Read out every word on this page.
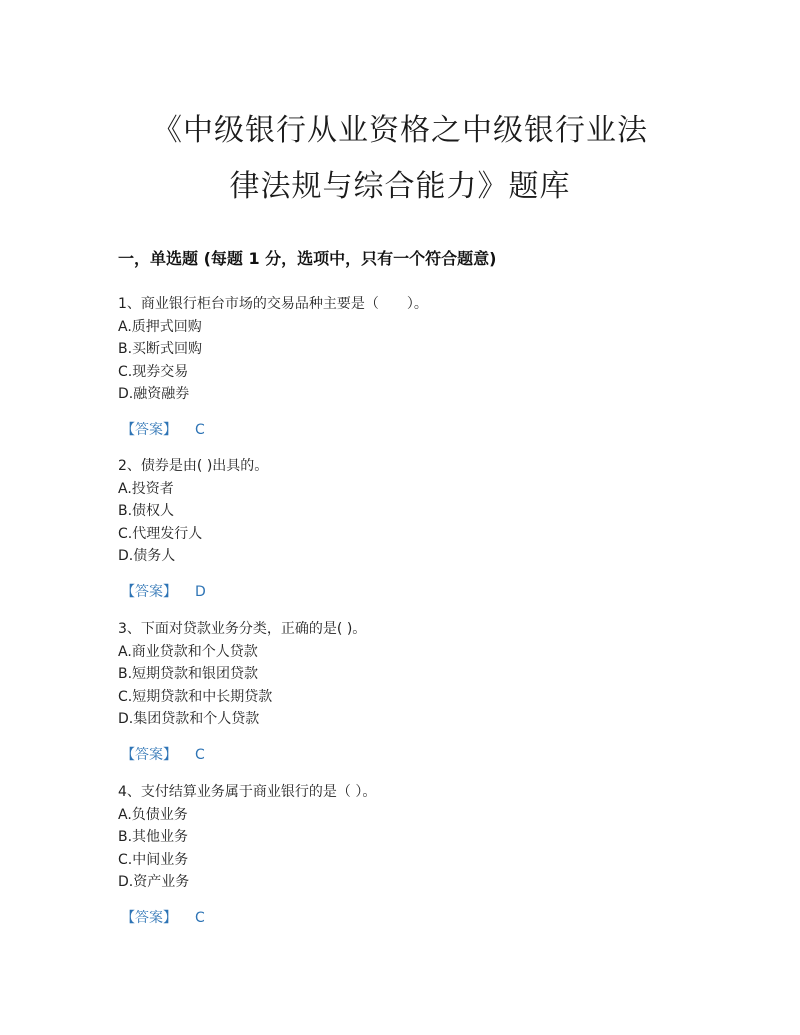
《中级银行从业资格之中级银行业法
律法规与综合能力》题库
一，单选题 (每题 1 分，选项中，只有一个符合题意)
1、商业银行柜台市场的交易品种主要是（　　）。
A.质押式回购
B.买断式回购
C.现券交易
D.融资融券
【答案】 C
2、债券是由( )出具的。
A.投资者
B.债权人
C.代理发行人
D.债务人
【答案】 D
3、下面对贷款业务分类，正确的是( )。
A.商业贷款和个人贷款
B.短期贷款和银团贷款
C.短期贷款和中长期贷款
D.集团贷款和个人贷款
【答案】 C
4、支付结算业务属于商业银行的是（ ）。
A.负债业务
B.其他业务
C.中间业务
D.资产业务
【答案】 C
